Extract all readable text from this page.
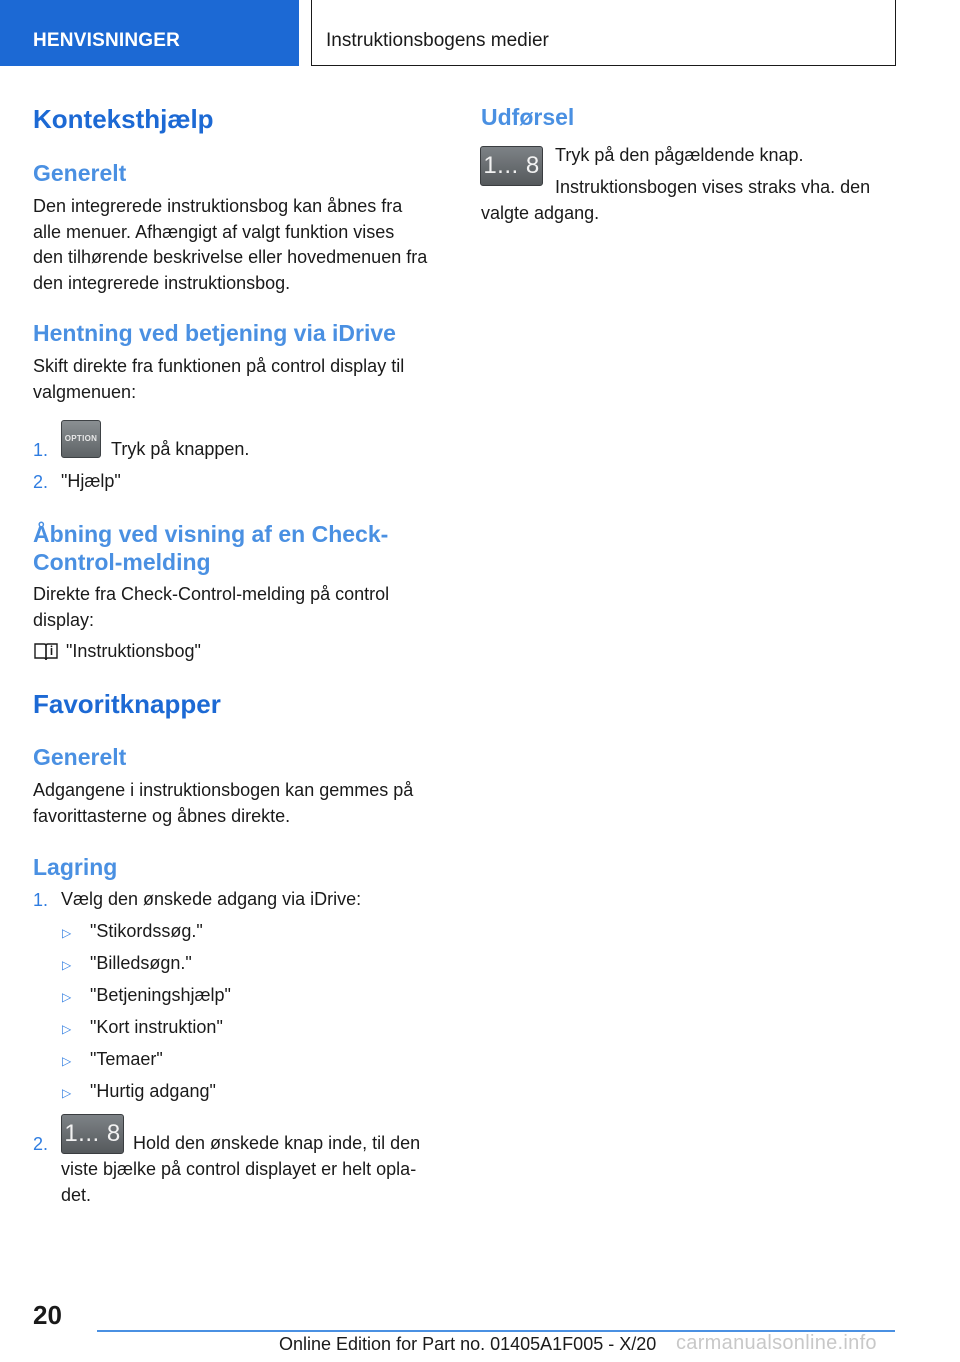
HENVISNINGER	Instruktionsbogens medier
Konteksthjælp
Generelt
Den integrerede instruktionsbog kan åbnes fra
alle menuer. Afhængigt af valgt funktion vises
den tilhørende beskrivelse eller hovedmenuen fra
den integrerede instruktionsbog.
Hentning ved betjening via iDrive
Skift direkte fra funktionen på control display til
valgmenuen:
1.
OPTION
Tryk på knappen.
2. "Hjælp"
Åbning ved visning af en Check-
Control-melding
Direkte fra Check-Control-melding på control
display:
"Instruktionsbog"
Favoritknapper
Generelt
Adgangene i instruktionsbogen kan gemmes på
favorittasterne og åbnes direkte.
Lagring
1. Vælg den ønskede adgang via iDrive:
▷ "Stikordssøg."
▷ "Billedsøgn."
▷ "Betjeningshjælp"
▷ "Kort instruktion"
▷ "Temaer"
▷ "Hurtig adgang"
2. 1... 8 Hold den ønskede knap inde, til den
viste bjælke på control displayet er helt opla-
det.
Udførsel
1... 8 Tryk på den pågældende knap.
Instruktionsbogen vises straks vha. den
valgte adgang.
20
Online Edition for Part no. 01405A1F005 - X/20 carmanualsonline.info
